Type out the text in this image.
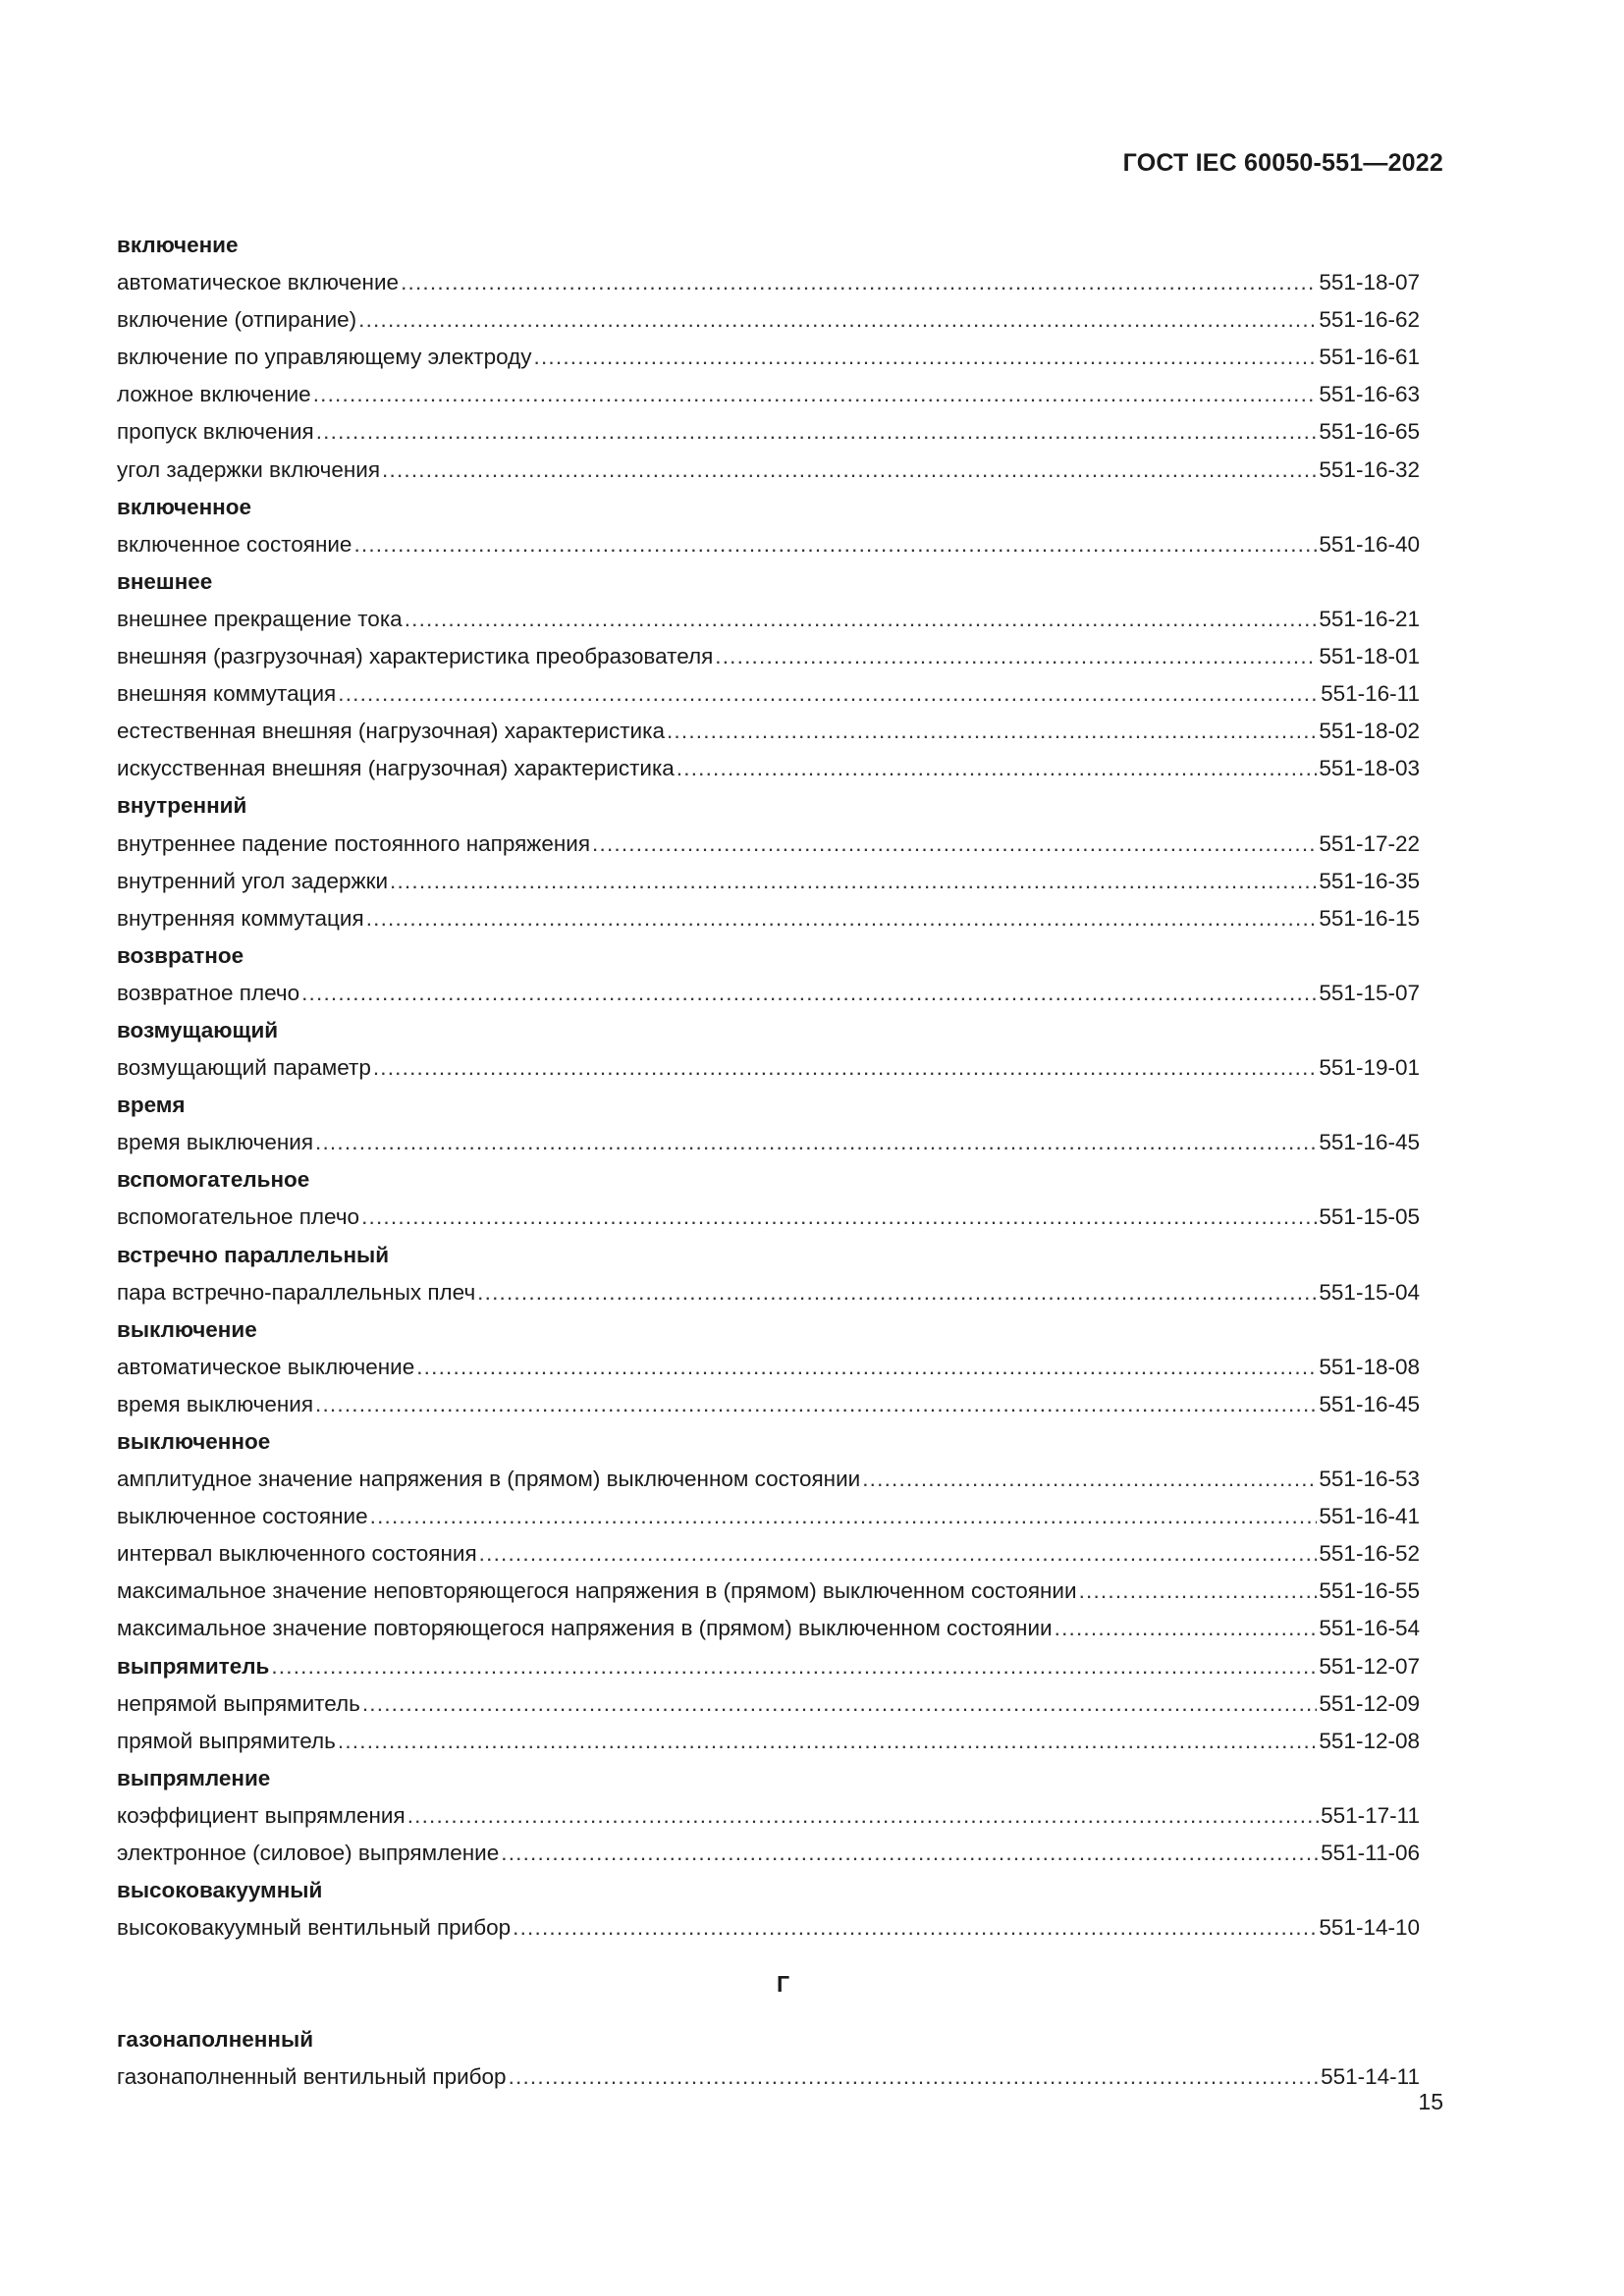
ГОСТ IEC 60050-551—2022
включение
автоматическое включение .....	551-18-07
включение (отпирание) .....	551-16-62
включение по управляющему электроду .....	551-16-61
ложное включение .....	551-16-63
пропуск включения .....	551-16-65
угол задержки включения .....	551-16-32
включенное
включенное состояние .....	551-16-40
внешнее
внешнее прекращение тока .....	551-16-21
внешняя (разгрузочная) характеристика преобразователя .....	551-18-01
внешняя коммутация .....	551-16-11
естественная внешняя (нагрузочная) характеристика .....	551-18-02
искусственная внешняя (нагрузочная) характеристика .....	551-18-03
внутренний
внутреннее падение постоянного напряжения .....	551-17-22
внутренний угол задержки .....	551-16-35
внутренняя коммутация .....	551-16-15
возвратное
возвратное плечо .....	551-15-07
возмущающий
возмущающий параметр .....	551-19-01
время
время выключения .....	551-16-45
вспомогательное
вспомогательное плечо .....	551-15-05
встречно параллельный
пара встречно-параллельных плеч .....	551-15-04
выключение
автоматическое выключение .....	551-18-08
время выключения .....	551-16-45
выключенное
амплитудное значение напряжения в (прямом) выключенном состоянии .....	551-16-53
выключенное состояние .....	551-16-41
интервал выключенного состояния .....	551-16-52
максимальное значение неповторяющегося напряжения в (прямом) выключенном состоянии .....	551-16-55
максимальное значение повторяющегося напряжения в (прямом) выключенном состоянии .....	551-16-54
выпрямитель .....	551-12-07
непрямой выпрямитель .....	551-12-09
прямой выпрямитель .....	551-12-08
выпрямление
коэффициент выпрямления .....	551-17-11
электронное (силовое) выпрямление .....	551-11-06
высоковакуумный
высоковакуумный вентильный прибор .....	551-14-10
Г
газонаполненный
газонаполненный вентильный прибор .....	551-14-11
15
